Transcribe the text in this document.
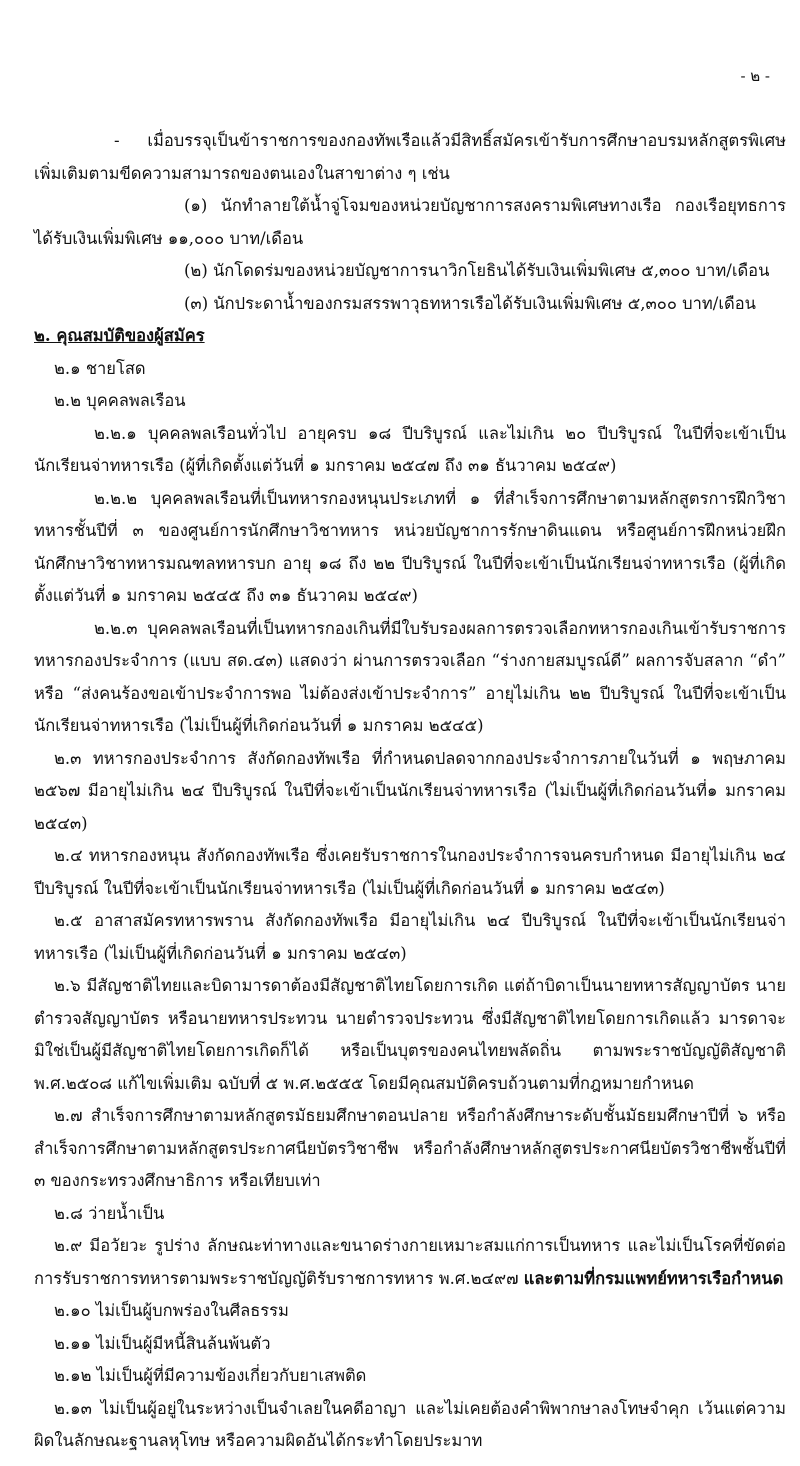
- ๒ -

- เมื่อบรรจุเป็นข้าราชการของกองทัพเรือแล้วมีสิทธิ์สมัครเข้ารับการศึกษาอบรมหลักสูตรพิเศษเพิ่มเติมตามขีดความสามารถของตนเองในสาขาต่าง ๆ เช่น

(๑) นักทำลายใต้น้ำจู่โจมของหน่วยบัญชาการสงครามพิเศษทางเรือ กองเรือยุทธการได้รับเงินเพิ่มพิเศษ ๑๑,๐๐๐ บาท/เดือน

(๒) นักโดดร่มของหน่วยบัญชาการนาวิกโยธินได้รับเงินเพิ่มพิเศษ ๕,๓๐๐ บาท/เดือน

(๓) นักประดาน้ำของกรมสรรพาวุธทหารเรือได้รับเงินเพิ่มพิเศษ ๕,๓๐๐ บาท/เดือน

๒. คุณสมบัติของผู้สมัคร

๒.๑ ชายโสด

๒.๒ บุคคลพลเรือน

๒.๒.๑ บุคคลพลเรือนทั่วไป อายุครบ ๑๘ ปีบริบูรณ์ และไม่เกิน ๒๐ ปีบริบูรณ์ ในปีที่จะเข้าเป็นนักเรียนจ่าทหารเรือ (ผู้ที่เกิดตั้งแต่วันที่ ๑ มกราคม ๒๕๔๗ ถึง ๓๑ ธันวาคม ๒๕๔๙)

๒.๒.๒ บุคคลพลเรือนที่เป็นทหารกองหนุนประเภทที่ ๑ ที่สำเร็จการศึกษาตามหลักสูตรการฝึกวิชาทหารชั้นปีที่ ๓ ของศูนย์การนักศึกษาวิชาทหาร หน่วยบัญชาการรักษาดินแดน หรือศูนย์การฝึกหน่วยฝึกนักศึกษาวิชาทหารมณฑลทหารบก อายุ ๑๘ ถึง ๒๒ ปีบริบูรณ์ ในปีที่จะเข้าเป็นนักเรียนจ่าทหารเรือ (ผู้ที่เกิดตั้งแต่วันที่ ๑ มกราคม ๒๕๔๕ ถึง ๓๑ ธันวาคม ๒๕๔๙)

๒.๒.๓ บุคคลพลเรือนที่เป็นทหารกองเกินที่มีใบรับรองผลการตรวจเลือกทหารกองเกินเข้ารับราชการทหารกองประจำการ (แบบ สด.๔๓) แสดงว่า ผ่านการตรวจเลือก “ร่างกายสมบูรณ์ดี” ผลการจับสลาก “ดำ” หรือ “ส่งคนร้องขอเข้าประจำการพอ ไม่ต้องส่งเข้าประจำการ” อายุไม่เกิน ๒๒ ปีบริบูรณ์ ในปีที่จะเข้าเป็นนักเรียนจ่าทหารเรือ (ไม่เป็นผู้ที่เกิดก่อนวันที่ ๑ มกราคม ๒๕๔๕)

๒.๓ ทหารกองประจำการ สังกัดกองทัพเรือ ที่กำหนดปลดจากกองประจำการภายในวันที่ ๑ พฤษภาคม ๒๕๖๗ มีอายุไม่เกิน ๒๔ ปีบริบูรณ์ ในปีที่จะเข้าเป็นนักเรียนจ่าทหารเรือ (ไม่เป็นผู้ที่เกิดก่อนวันที่๑ มกราคม ๒๕๔๓)

๒.๔ ทหารกองหนุน สังกัดกองทัพเรือ ซึ่งเคยรับราชการในกองประจำการจนครบกำหนด มีอายุไม่เกิน ๒๔ ปีบริบูรณ์ ในปีที่จะเข้าเป็นนักเรียนจ่าทหารเรือ (ไม่เป็นผู้ที่เกิดก่อนวันที่ ๑ มกราคม ๒๕๔๓)

๒.๕ อาสาสมัครทหารพราน สังกัดกองทัพเรือ มีอายุไม่เกิน ๒๔ ปีบริบูรณ์ ในปีที่จะเข้าเป็นนักเรียนจ่าทหารเรือ (ไม่เป็นผู้ที่เกิดก่อนวันที่ ๑ มกราคม ๒๕๔๓)

๒.๖ มีสัญชาติไทยและบิดามารดาต้องมีสัญชาติไทยโดยการเกิด แต่ถ้าบิดาเป็นนายทหารสัญญาบัตร นายตำรวจสัญญาบัตร หรือนายทหารประทวน นายตำรวจประทวน ซึ่งมีสัญชาติไทยโดยการเกิดแล้ว มารดาจะมิใช่เป็นผู้มีสัญชาติไทยโดยการเกิดก็ได้ หรือเป็นบุตรของคนไทยพลัดถิ่น ตามพระราชบัญญัติสัญชาติ พ.ศ.๒๕๐๘ แก้ไขเพิ่มเติม ฉบับที่ ๕ พ.ศ.๒๕๕๕ โดยมีคุณสมบัติครบถ้วนตามที่กฎหมายกำหนด

๒.๗ สำเร็จการศึกษาตามหลักสูตรมัธยมศึกษาตอนปลาย หรือกำลังศึกษาระดับชั้นมัธยมศึกษาปีที่ ๖ หรือสำเร็จการศึกษาตามหลักสูตรประกาศนียบัตรวิชาชีพ หรือกำลังศึกษาหลักสูตรประกาศนียบัตรวิชาชีพชั้นปีที่ ๓ ของกระทรวงศึกษาธิการ หรือเทียบเท่า

๒.๘ ว่ายน้ำเป็น

๒.๙ มีอวัยวะ รูปร่าง ลักษณะท่าทางและขนาดร่างกายเหมาะสมแก่การเป็นทหาร และไม่เป็นโรคที่ขัดต่อการรับราชการทหารตามพระราชบัญญัติรับราชการทหาร พ.ศ.๒๔๙๗ และตามที่กรมแพทย์ทหารเรือกำหนด

๒.๑๐ ไม่เป็นผู้บกพร่องในศีลธรรม

๒.๑๑ ไม่เป็นผู้มีหนี้สินล้นพ้นตัว

๒.๑๒ ไม่เป็นผู้ที่มีความข้องเกี่ยวกับยาเสพติด

๒.๑๓ ไม่เป็นผู้อยู่ในระหว่างเป็นจำเลยในคดีอาญา และไม่เคยต้องคำพิพากษาลงโทษจำคุก เว้นแต่ความผิดในลักษณะฐานลหุโทษ หรือความผิดอันได้กระทำโดยประมาท
